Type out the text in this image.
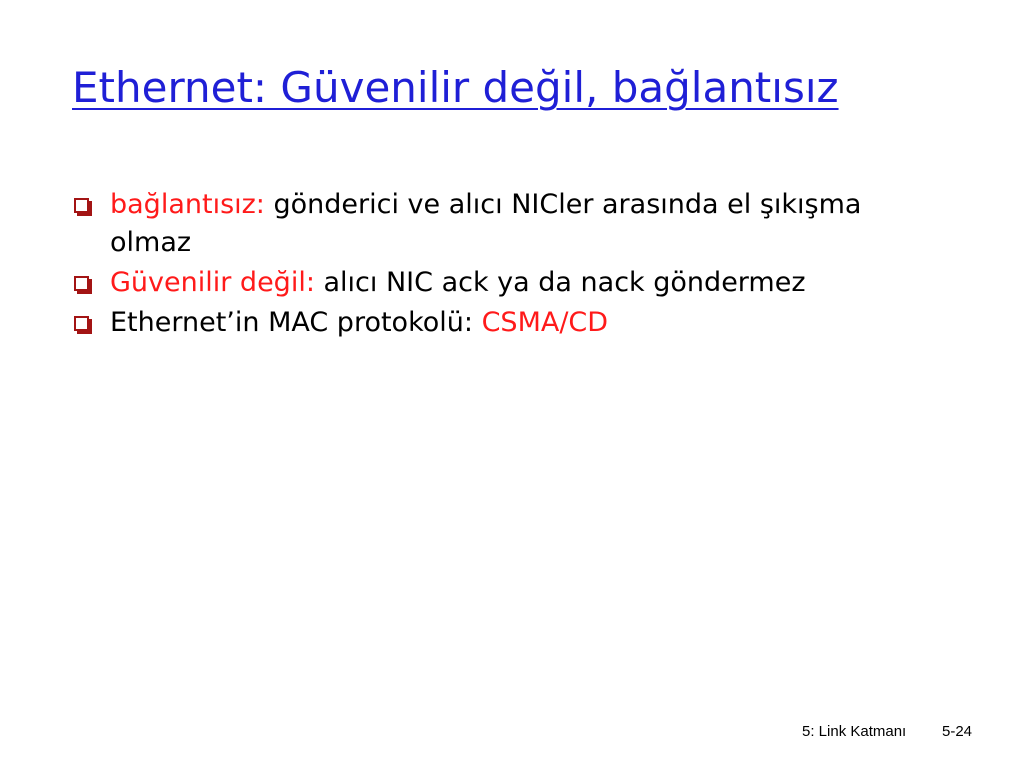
Ethernet: Güvenilir değil, bağlantısız
bağlantısız: gönderici ve alıcı NICler arasında el şıkışma olmaz
Güvenilir değil: alıcı NIC ack ya da nack göndermez
Ethernet’in MAC protokolü: CSMA/CD
5: Link Katmanı 5-24
